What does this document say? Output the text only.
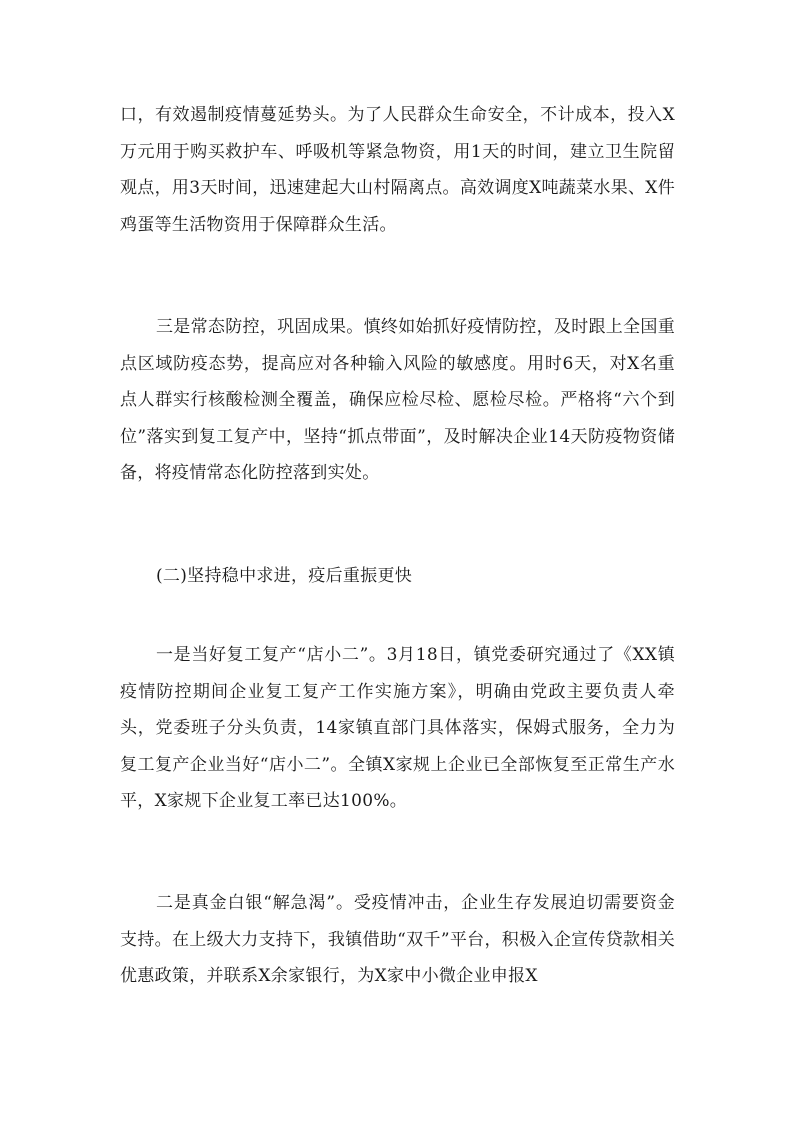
口，有效遏制疫情蔓延势头。为了人民群众生命安全，不计成本，投入X万元用于购买救护车、呼吸机等紧急物资，用1天的时间，建立卫生院留观点，用3天时间，迅速建起大山村隔离点。高效调度X吨蔬菜水果、X件鸡蛋等生活物资用于保障群众生活。

三是常态防控，巩固成果。慎终如始抓好疫情防控，及时跟上全国重点区域防疫态势，提高应对各种输入风险的敏感度。用时6天，对X名重点人群实行核酸检测全覆盖，确保应检尽检、愿检尽检。严格将“六个到位”落实到复工复产中，坚持“抓点带面”，及时解决企业14天防疫物资储备，将疫情常态化防控落到实处。

(二)坚持稳中求进，疫后重振更快

一是当好复工复产“店小二”。3月18日，镇党委研究通过了《XX镇疫情防控期间企业复工复产工作实施方案》，明确由党政主要负责人牵头，党委班子分头负责，14家镇直部门具体落实，保姆式服务，全力为复工复产企业当好“店小二”。全镇X家规上企业已全部恢复至正常生产水平，X家规下企业复工率已达100%。

二是真金白银“解急渴”。受疫情冲击，企业生存发展迫切需要资金支持。在上级大力支持下，我镇借助“双千”平台，积极入企宣传贷款相关优惠政策，并联系X余家银行，为X家中小微企业申报X
